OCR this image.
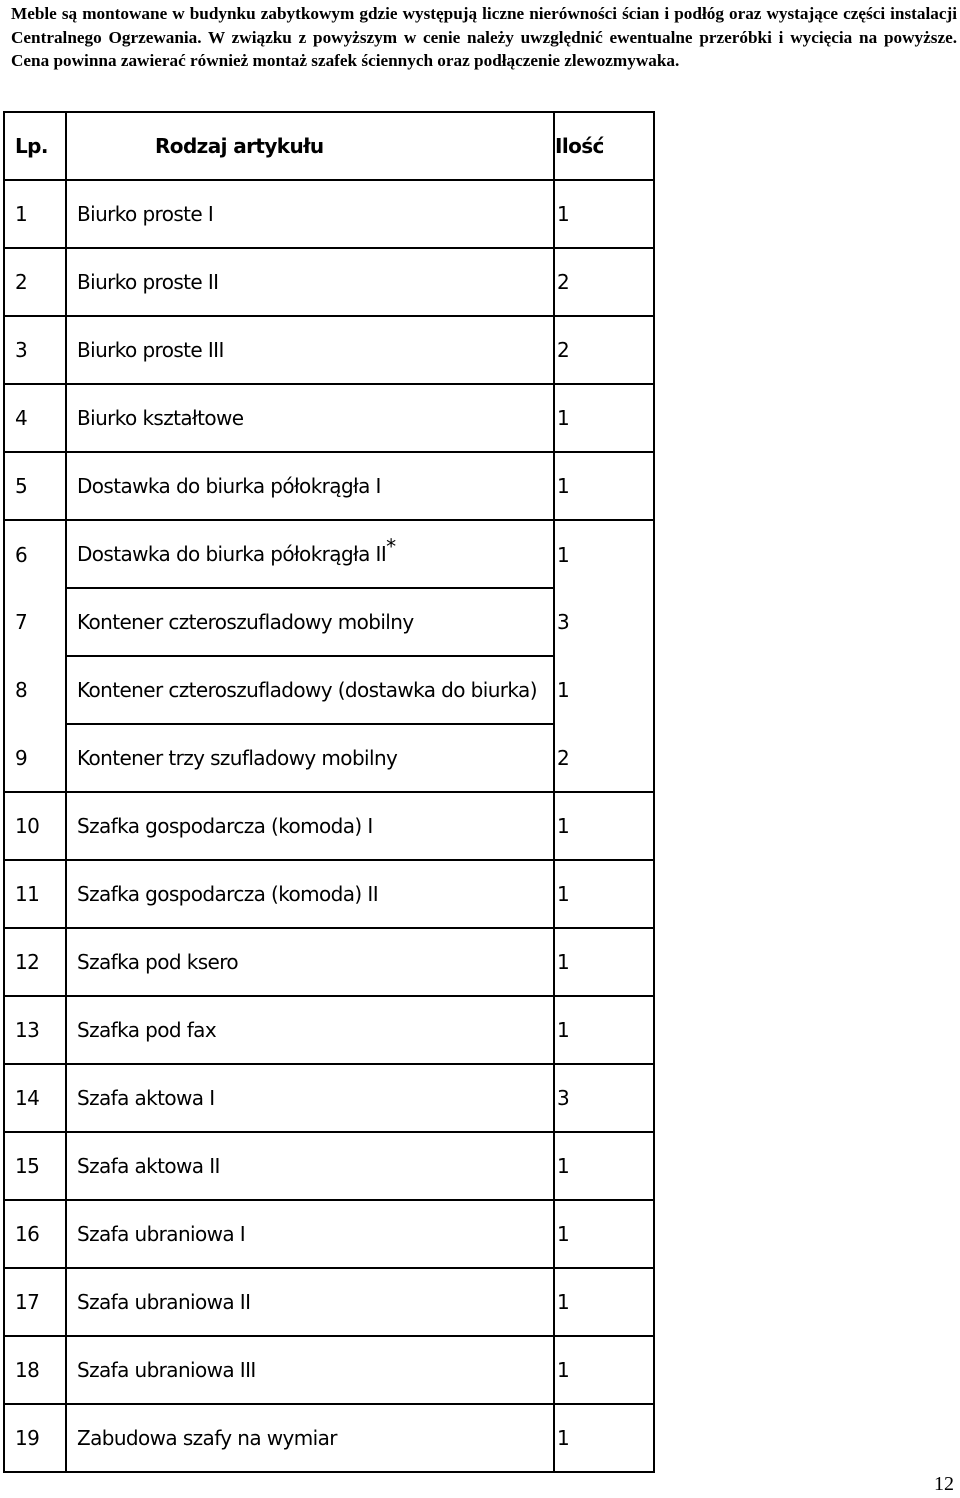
Meble są montowane w budynku zabytkowym gdzie występują liczne nierówności ścian i podłóg oraz wystające części instalacji Centralnego Ogrzewania. W związku z powyższym w cenie należy uwzględnić ewentualne przeróbki i wycięcia na powyższe. Cena powinna zawierać również montaż szafek ściennych oraz podłączenie zlewozmywaka.

Lp.	Rodzaj artykułu	Ilość
1	Biurko proste I	1
2	Biurko proste II	2
3	Biurko proste III	2
4	Biurko kształtowe	1
5	Dostawka do biurka półokrągła I	1
6	Dostawka do biurka półokrągła II*	1
7	Kontener czteroszufladowy mobilny	3
8	Kontener czteroszufladowy (dostawka do biurka)	1
9	Kontener trzy szufladowy mobilny	2
10	Szafka gospodarcza (komoda) I	1
11	Szafka gospodarcza (komoda) II	1
12	Szafka pod ksero	1
13	Szafka pod fax	1
14	Szafa aktowa I	3
15	Szafa aktowa II	1
16	Szafa ubraniowa I	1
17	Szafa ubraniowa II	1
18	Szafa ubraniowa III	1
19	Zabudowa szafy na wymiar	1
12
